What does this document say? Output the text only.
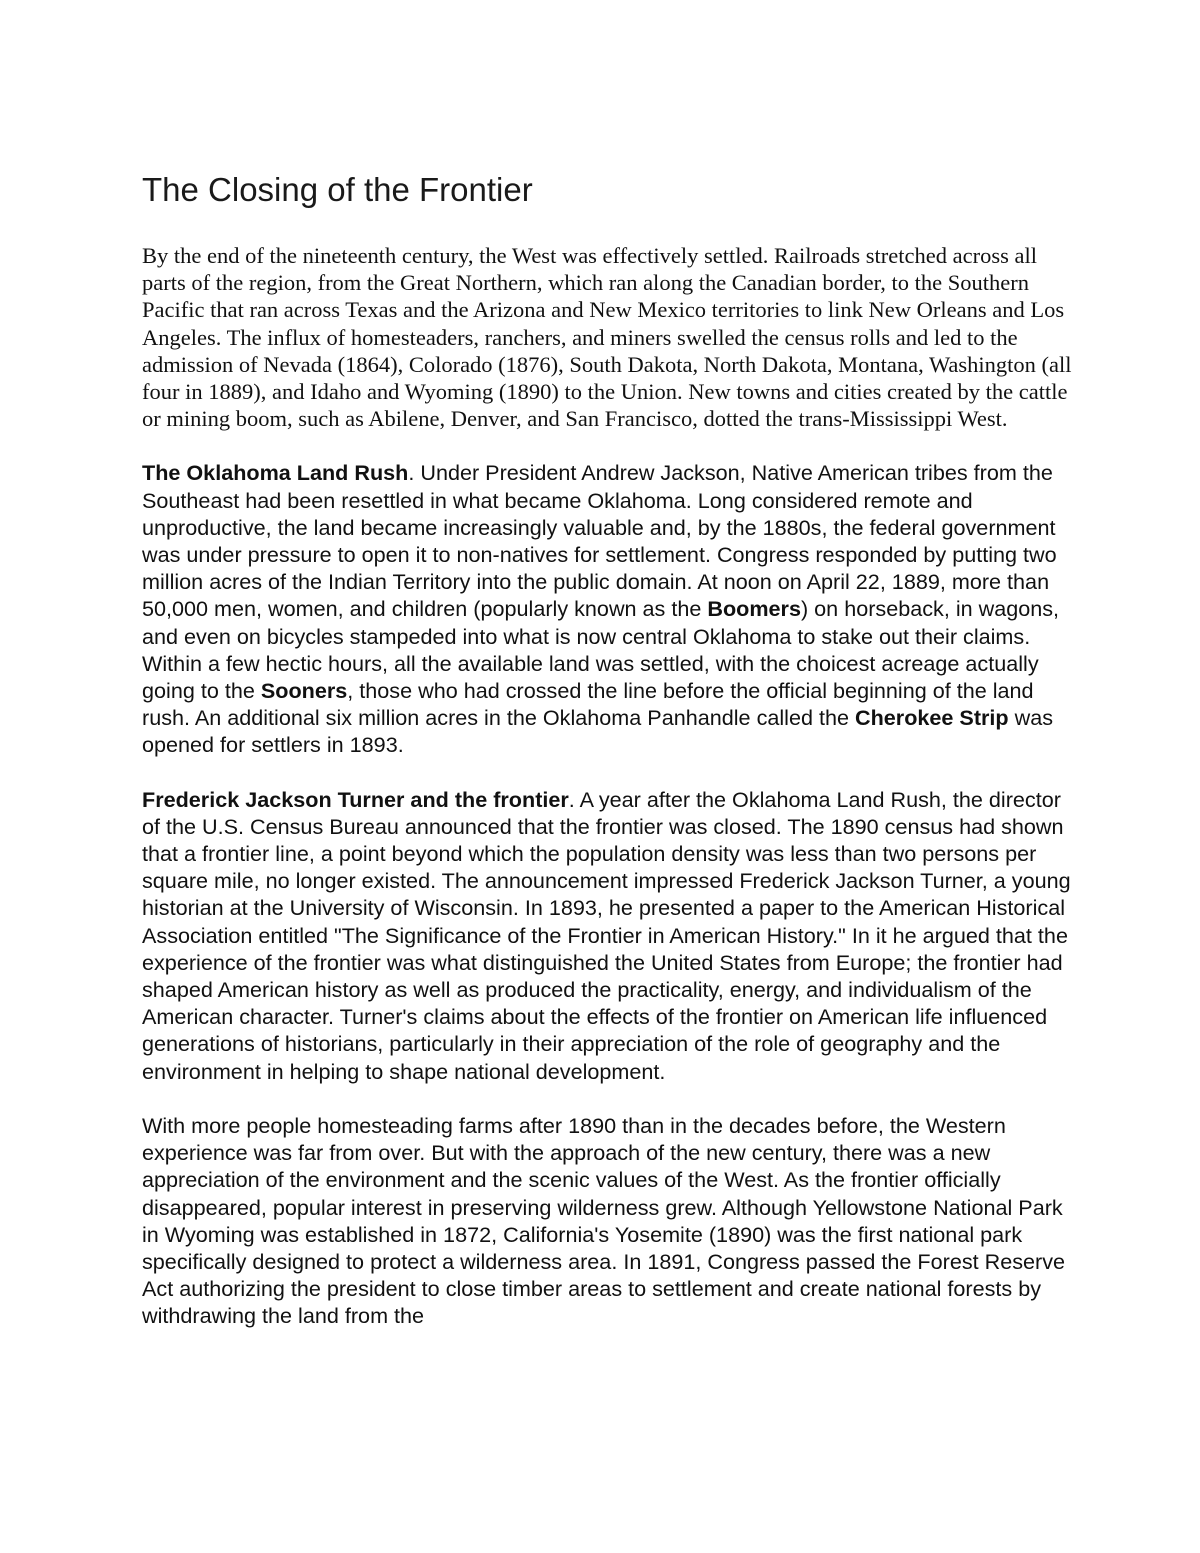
The Closing of the Frontier

By the end of the nineteenth century, the West was effectively settled. Railroads stretched across all parts of the region, from the Great Northern, which ran along the Canadian border, to the Southern Pacific that ran across Texas and the Arizona and New Mexico territories to link New Orleans and Los Angeles. The influx of homesteaders, ranchers, and miners swelled the census rolls and led to the admission of Nevada (1864), Colorado (1876), South Dakota, North Dakota, Montana, Washington (all four in 1889), and Idaho and Wyoming (1890) to the Union. New towns and cities created by the cattle or mining boom, such as Abilene, Denver, and San Francisco, dotted the trans-Mississippi West.

The Oklahoma Land Rush. Under President Andrew Jackson, Native American tribes from the Southeast had been resettled in what became Oklahoma. Long considered remote and unproductive, the land became increasingly valuable and, by the 1880s, the federal government was under pressure to open it to non-natives for settlement. Congress responded by putting two million acres of the Indian Territory into the public domain. At noon on April 22, 1889, more than 50,000 men, women, and children (popularly known as the Boomers) on horseback, in wagons, and even on bicycles stampeded into what is now central Oklahoma to stake out their claims. Within a few hectic hours, all the available land was settled, with the choicest acreage actually going to the Sooners, those who had crossed the line before the official beginning of the land rush. An additional six million acres in the Oklahoma Panhandle called the Cherokee Strip was opened for settlers in 1893.

Frederick Jackson Turner and the frontier. A year after the Oklahoma Land Rush, the director of the U.S. Census Bureau announced that the frontier was closed. The 1890 census had shown that a frontier line, a point beyond which the population density was less than two persons per square mile, no longer existed. The announcement impressed Frederick Jackson Turner, a young historian at the University of Wisconsin. In 1893, he presented a paper to the American Historical Association entitled "The Significance of the Frontier in American History." In it he argued that the experience of the frontier was what distinguished the United States from Europe; the frontier had shaped American history as well as produced the practicality, energy, and individualism of the American character. Turner's claims about the effects of the frontier on American life influenced generations of historians, particularly in their appreciation of the role of geography and the environment in helping to shape national development.

With more people homesteading farms after 1890 than in the decades before, the Western experience was far from over. But with the approach of the new century, there was a new appreciation of the environment and the scenic values of the West. As the frontier officially disappeared, popular interest in preserving wilderness grew. Although Yellowstone National Park in Wyoming was established in 1872, California's Yosemite (1890) was the first national park specifically designed to protect a wilderness area. In 1891, Congress passed the Forest Reserve Act authorizing the president to close timber areas to settlement and create national forests by withdrawing the land from the
